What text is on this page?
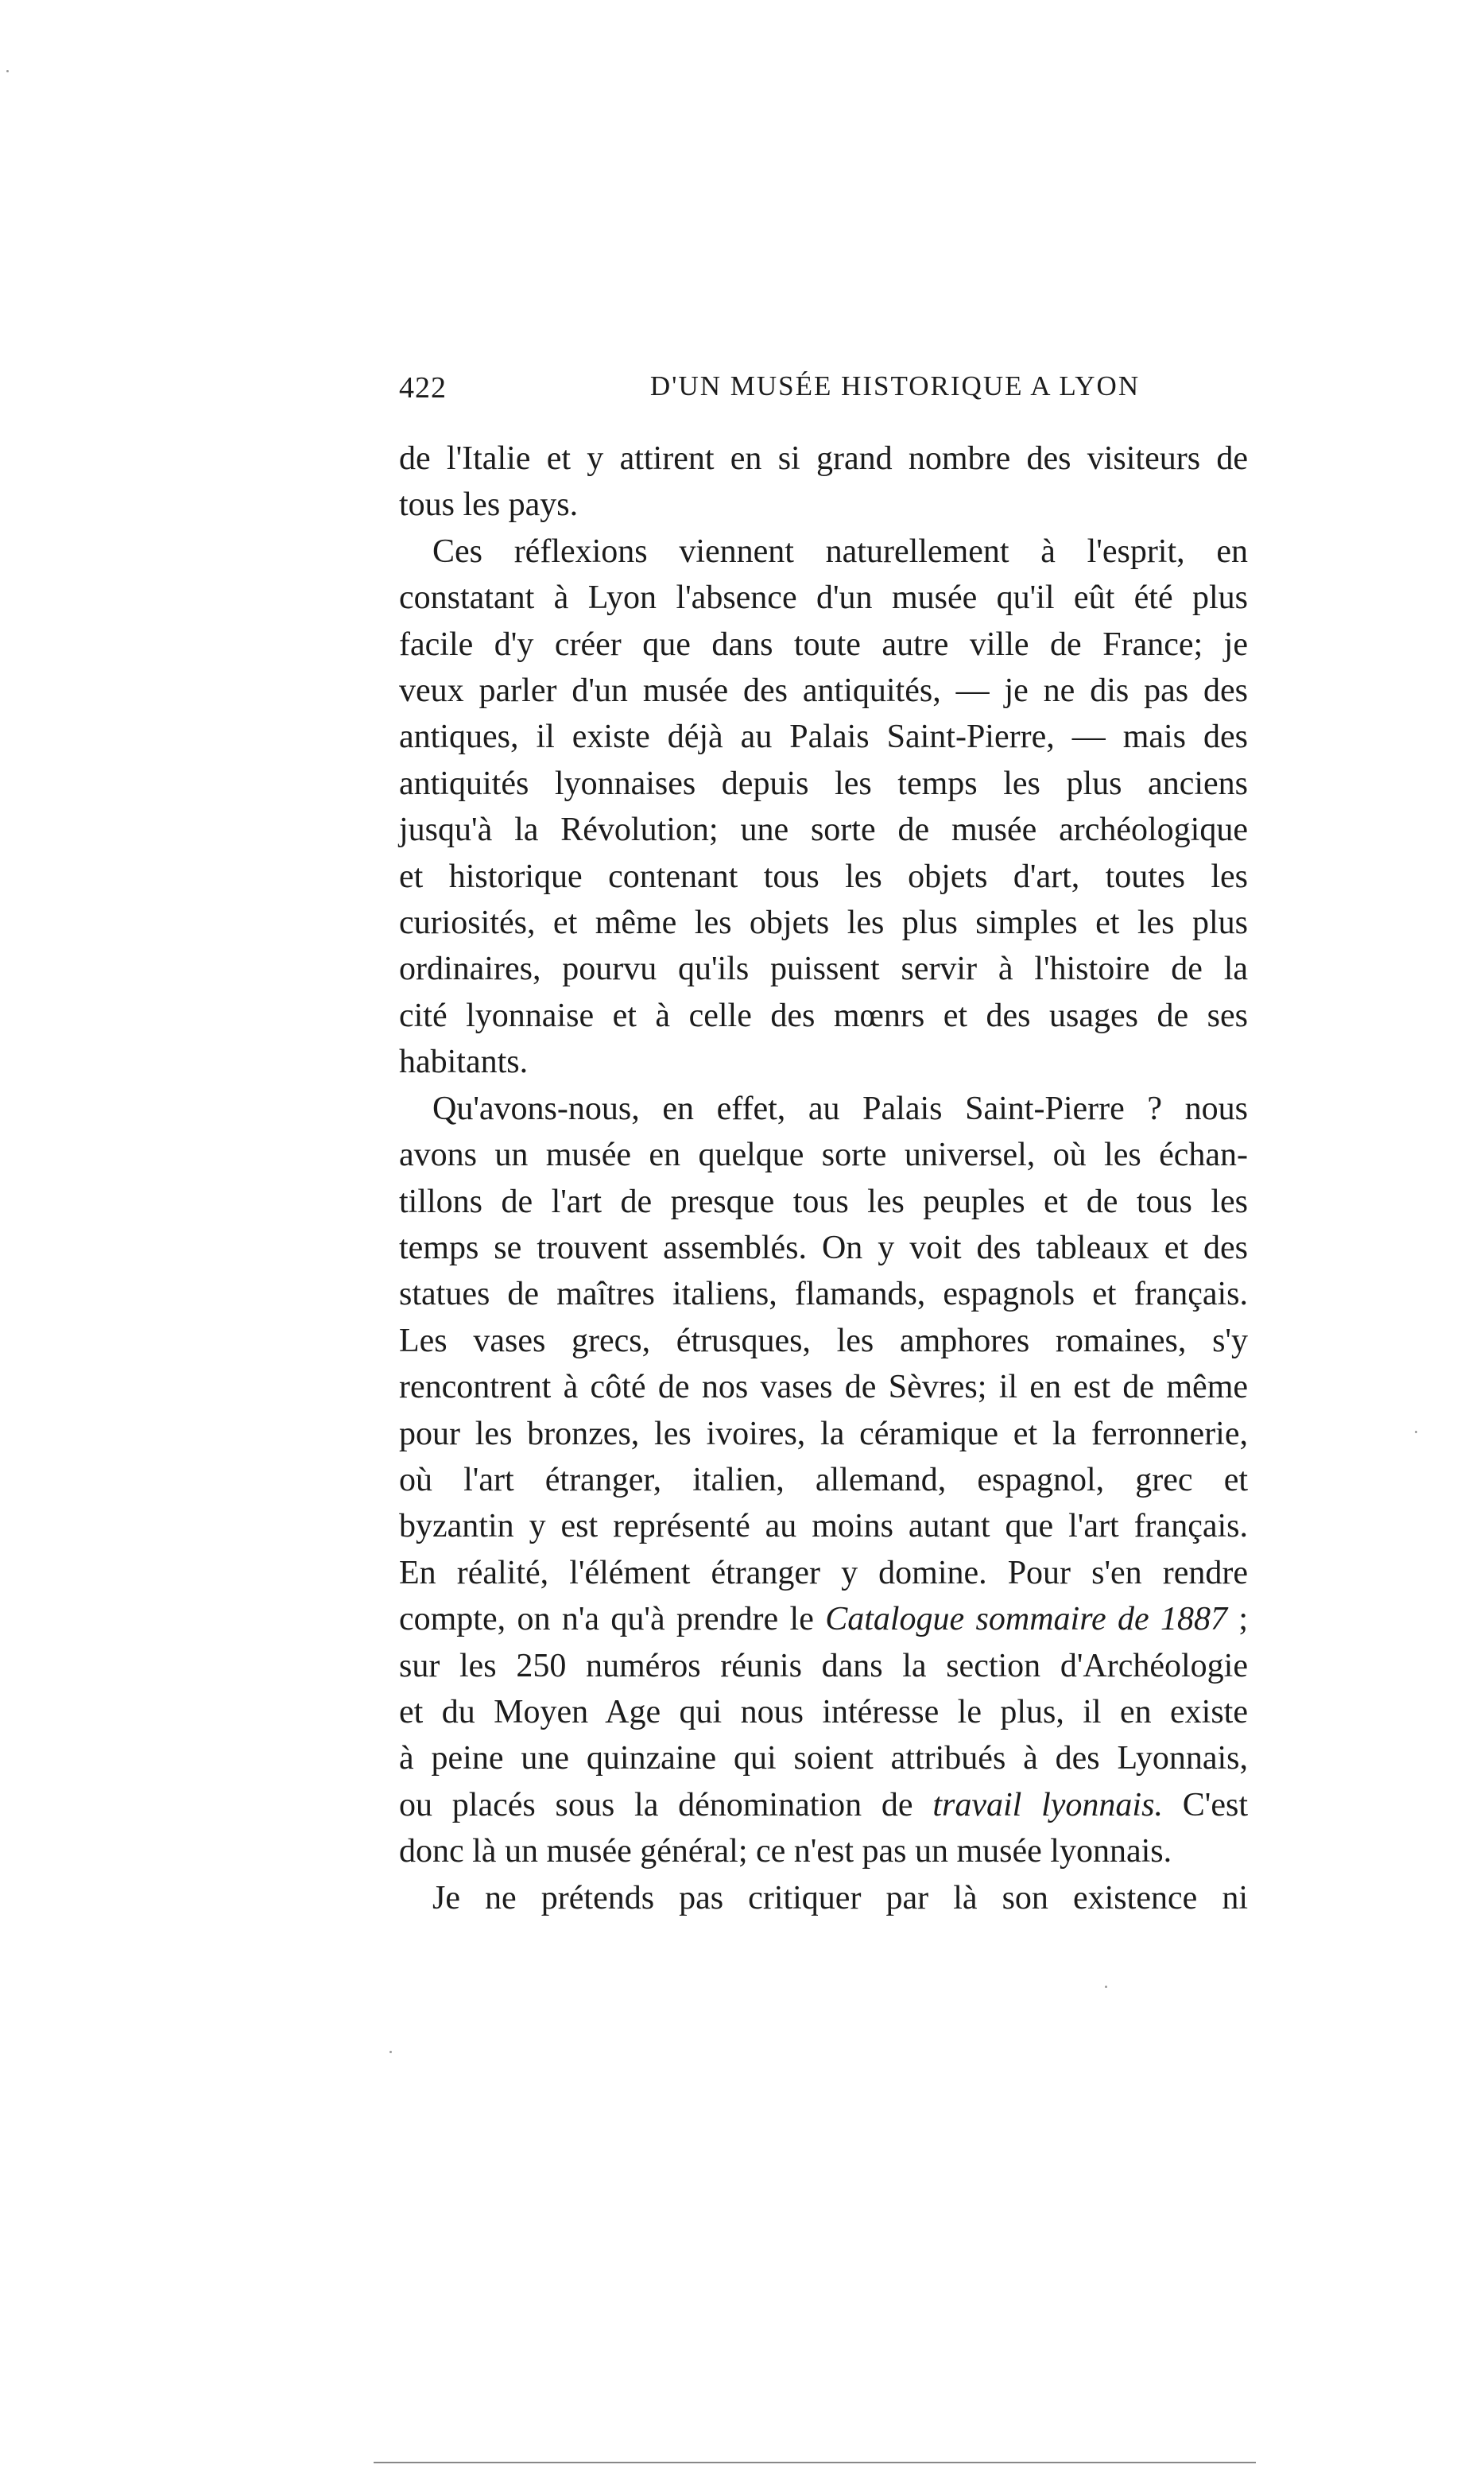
422	D'UN MUSÉE HISTORIQUE A LYON

de l'Italie et y attirent en si grand nombre des visiteurs de
tous les pays.

Ces réflexions viennent naturellement à l'esprit, en
constatant à Lyon l'absence d'un musée qu'il eût été plus
facile d'y créer que dans toute autre ville de France; je
veux parler d'un musée des antiquités, — je ne dis pas des
antiques, il existe déjà au Palais Saint-Pierre, — mais des
antiquités lyonnaises depuis les temps les plus anciens
jusqu'à la Révolution; une sorte de musée archéologique
et historique contenant tous les objets d'art, toutes les
curiosités, et même les objets les plus simples et les plus
ordinaires, pourvu qu'ils puissent servir à l'histoire de la
cité lyonnaise et à celle des mœnrs et des usages de ses
habitants.

Qu'avons-nous, en effet, au Palais Saint-Pierre ? nous
avons un musée en quelque sorte universel, où les échan-
tillons de l'art de presque tous les peuples et de tous les
temps se trouvent assemblés. On y voit des tableaux et des
statues de maîtres italiens, flamands, espagnols et français.
Les vases grecs, étrusques, les amphores romaines, s'y
rencontrent à côté de nos vases de Sèvres; il en est de même
pour les bronzes, les ivoires, la céramique et la ferronnerie,
où l'art étranger, italien, allemand, espagnol, grec et
byzantin y est représenté au moins autant que l'art français.
En réalité, l'élément étranger y domine. Pour s'en rendre
compte, on n'a qu'à prendre le Catalogue sommaire de 1887 ;
sur les 250 numéros réunis dans la section d'Archéologie
et du Moyen Age qui nous intéresse le plus, il en existe
à peine une quinzaine qui soient attribués à des Lyonnais,
ou placés sous la dénomination de travail lyonnais. C'est
donc là un musée général; ce n'est pas un musée lyonnais.

Je ne prétends pas critiquer par là son existence ni
